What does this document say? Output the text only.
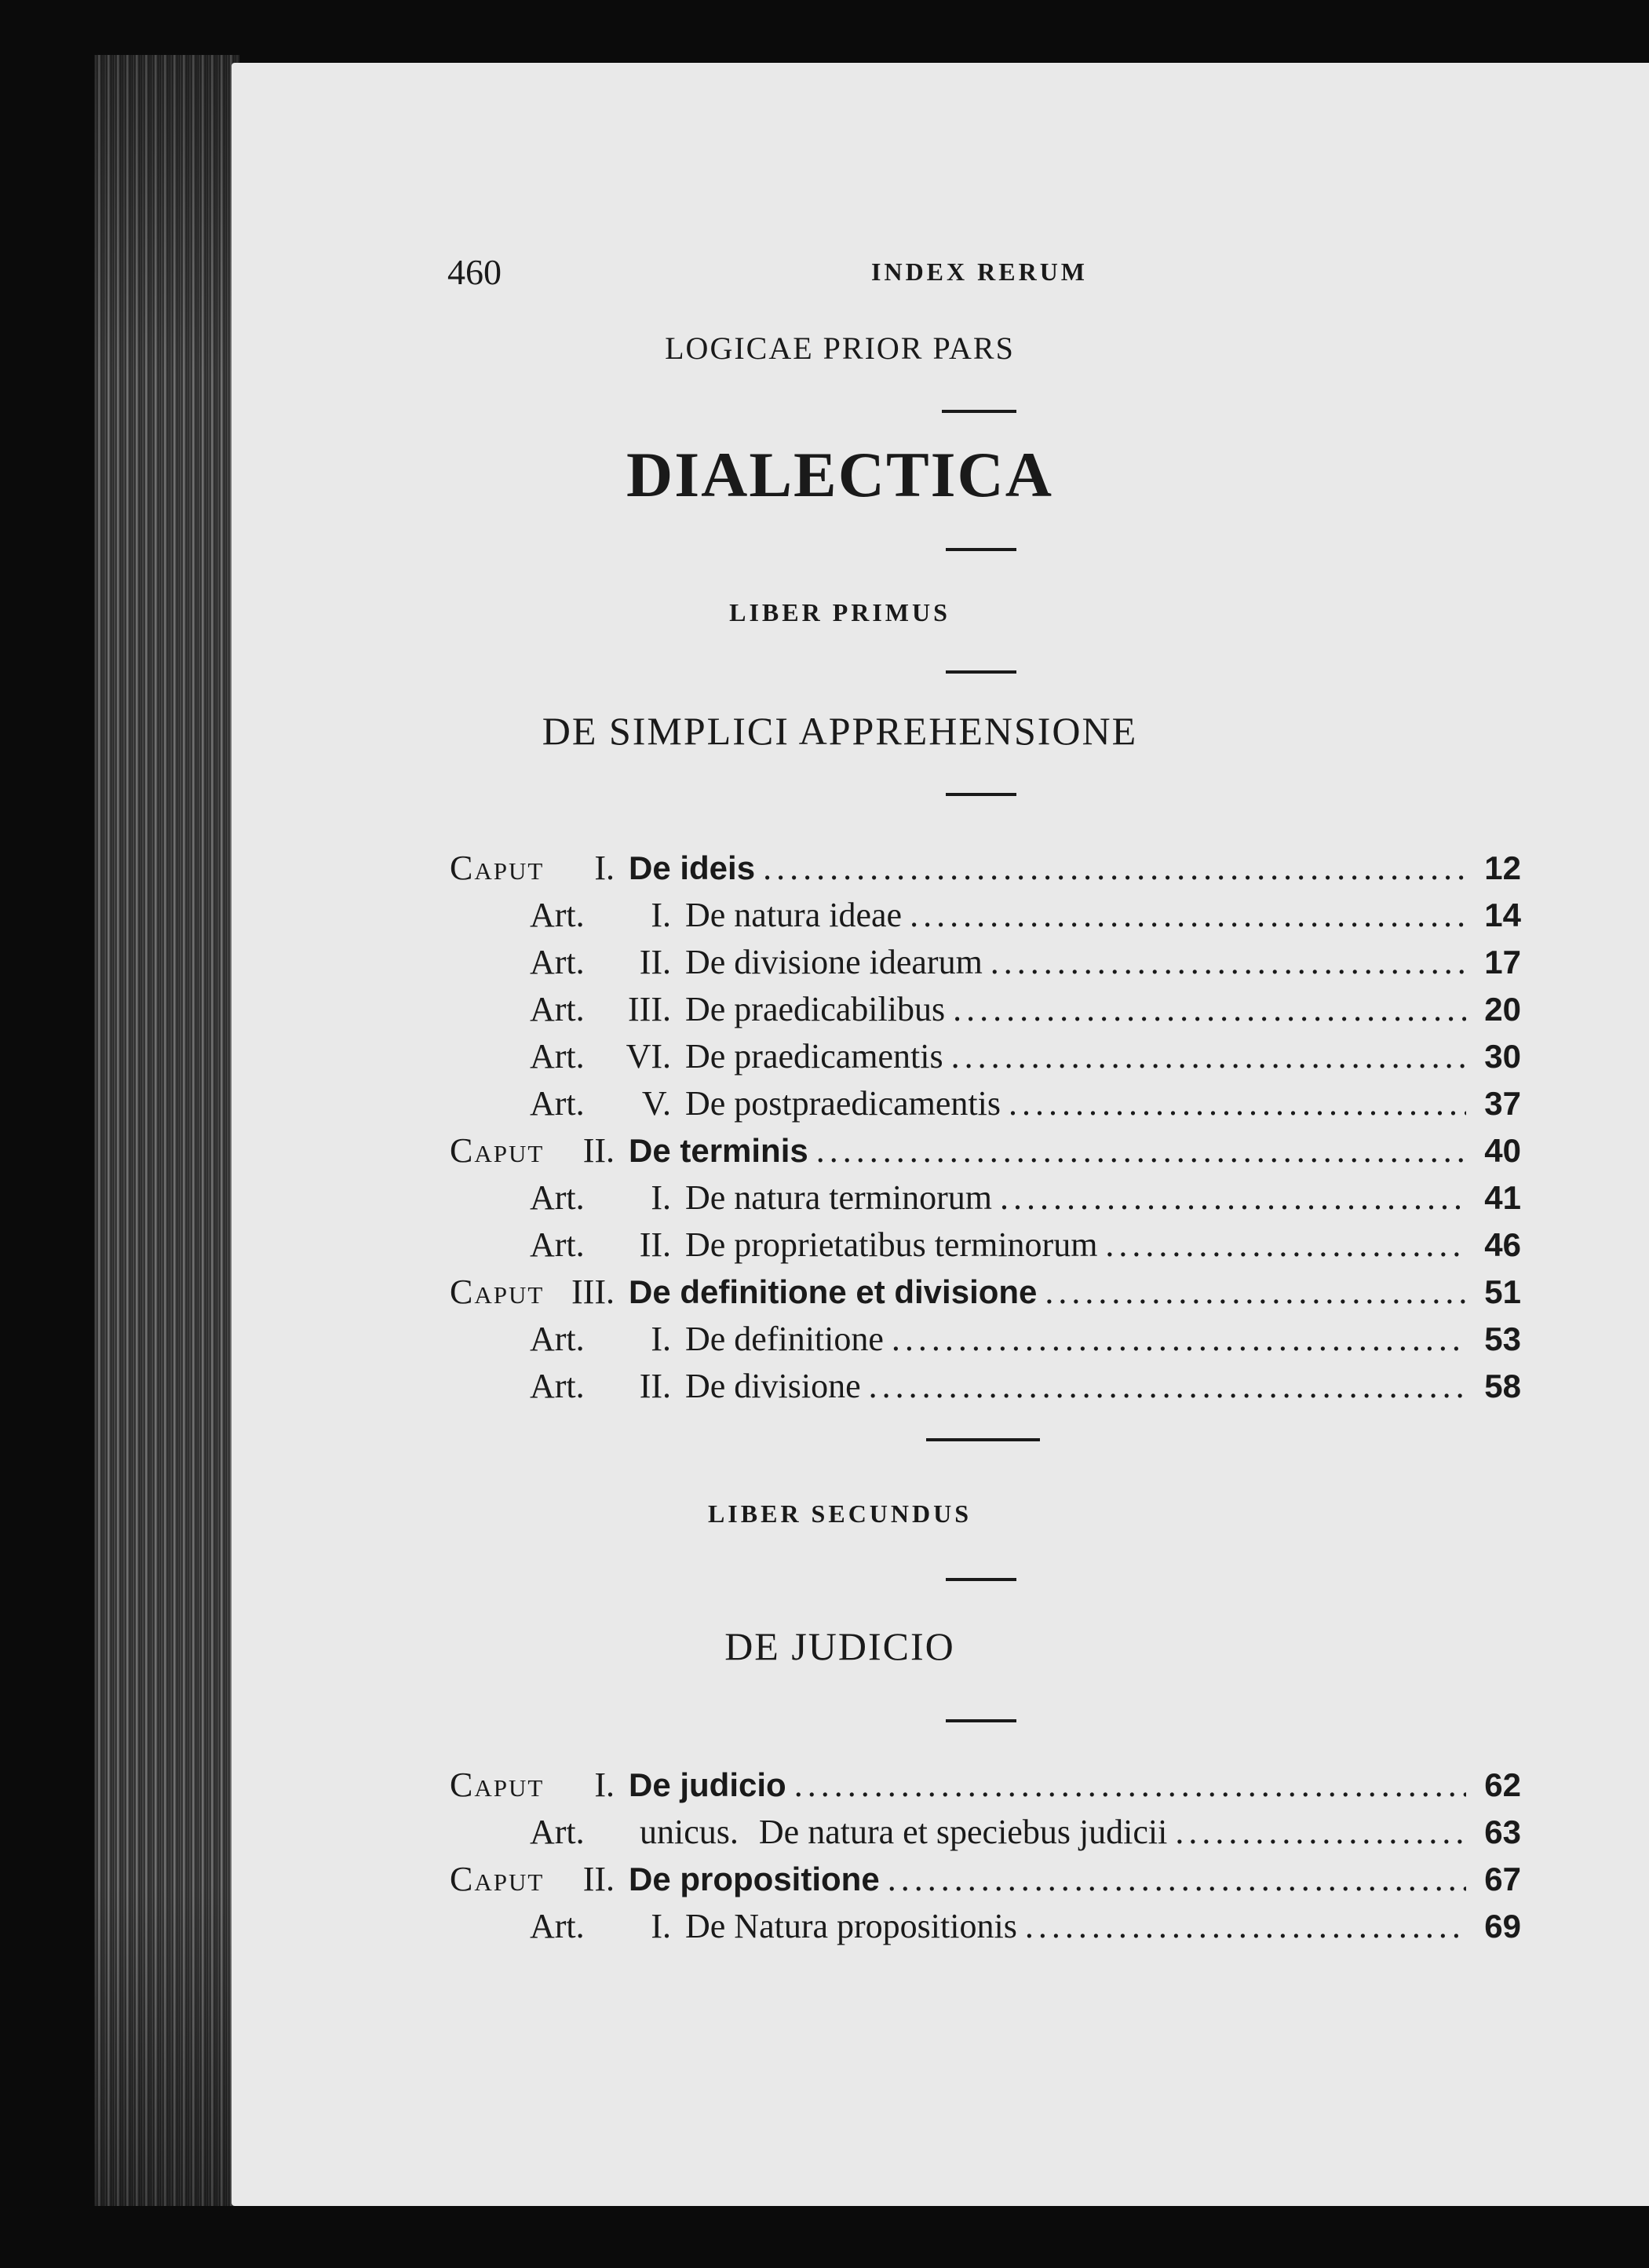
460	INDEX RERUM
LOGICAE PRIOR PARS
DIALECTICA
LIBER PRIMUS
DE SIMPLICI APPREHENSIONE
Caput	I. De ideis .....	12
Art.	I. De natura ideae .....	14
Art.	II. De divisione idearum .....	17
Art.	III. De praedicabilibus .....	20
Art.	VI. De praedicamentis .....	30
Art.	V. De postpraedicamentis .....	37
Caput	II. De terminis .....	40
Art.	I. De natura terminorum .....	41
Art.	II. De proprietatibus terminorum .....	46
Caput III. De definitione et divisione .....	51
Art.	I. De definitione .....	53
Art.	II. De divisione .....	58
LIBER SECUNDUS
DE JUDICIO
Caput	I. De judicio .....	62
Art.	unicus. De natura et speciebus judicii .....	63
Caput	II. De propositione .....	67
Art.	I. De Natura propositionis .....	69
